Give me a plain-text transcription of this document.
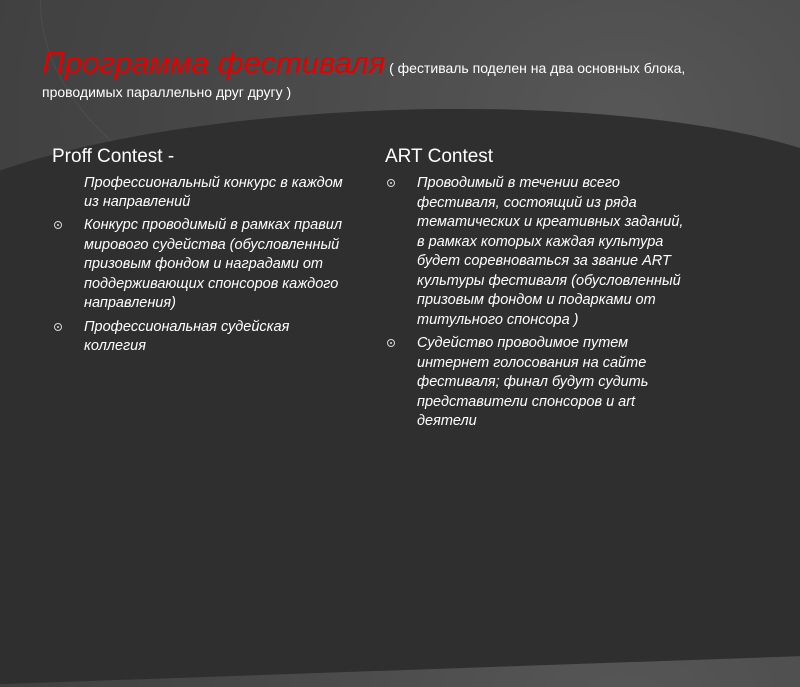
Программа фестиваля ( фестиваль поделен на два основных блока, проводимых параллельно друг другу )
Proff Contest -
Профессиональный конкурс в каждом из направлений
Конкурс проводимый в рамках правил мирового судейства (обусловленный призовым фондом и наградами от поддерживающих спонсоров каждого направления)
Профессиональная судейская коллегия
ART Contest
Проводимый в течении всего фестиваля, состоящий из ряда тематических и креативных заданий, в рамках которых каждая культура будет соревноваться за звание ART культуры фестиваля (обусловленный призовым фондом и подарками от титульного спонсора )
Судейство проводимое путем интернет голосования на сайте фестиваля; финал будут судить представители спонсоров и art деятели
